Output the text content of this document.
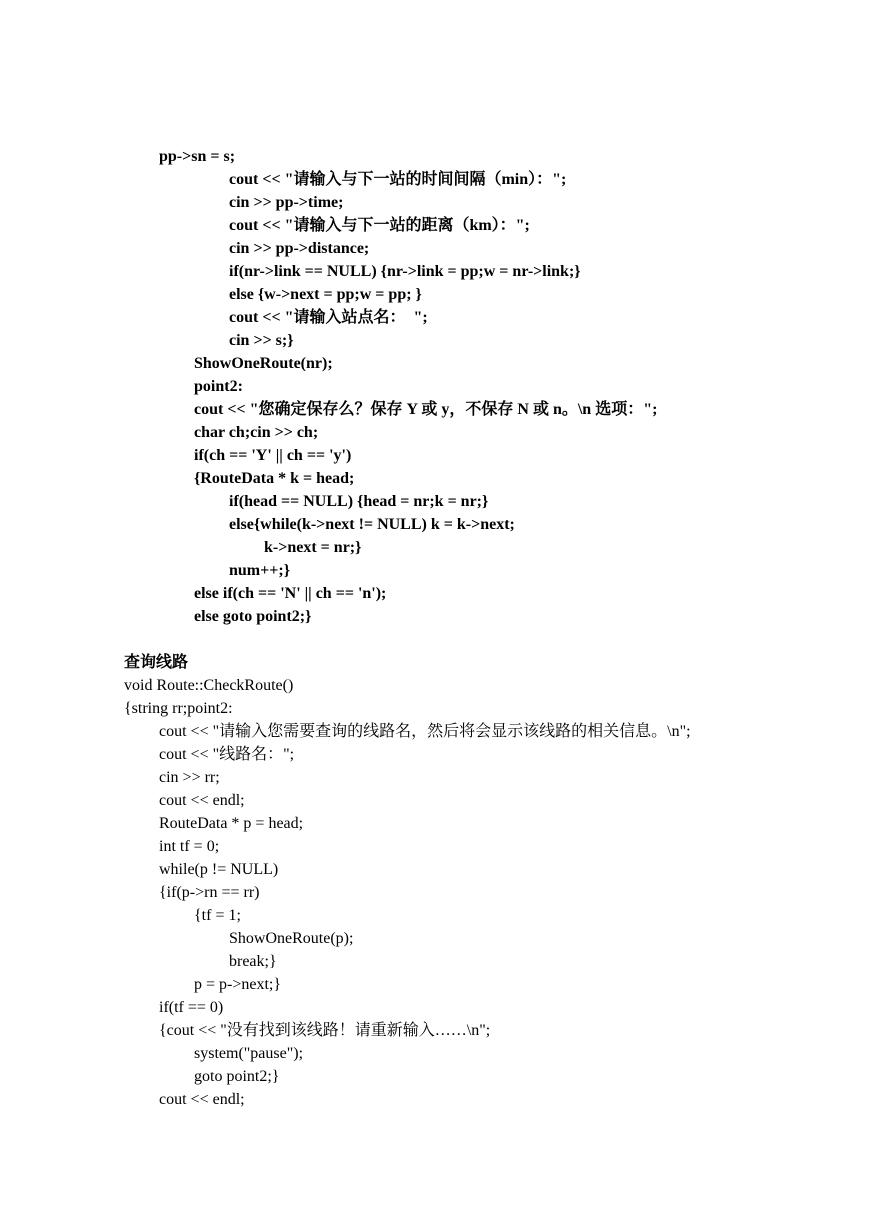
pp->sn = s;
cout << "请输入与下一站的时间间隔（min）：";
cin >> pp->time;
cout << "请输入与下一站的距离（km）：";
cin >> pp->distance;
if(nr->link == NULL) {nr->link = pp;w = nr->link;}
else {w->next = pp;w = pp; }
cout << "请输入站点名：  ";
cin >> s;}
ShowOneRoute(nr);
point2:
cout << "您确定保存么？保存 Y 或 y，不保存 N 或 n。\n 选项：";
char ch;cin >> ch;
if(ch == 'Y' || ch == 'y')
{RouteData * k = head;
if(head == NULL) {head = nr;k = nr;}
else{while(k->next != NULL) k = k->next;
k->next = nr;}
num++;}
else if(ch == 'N' || ch == 'n');
else goto point2;}
查询线路
void Route::CheckRoute()
{string rr;point2:
cout << "请输入您需要查询的线路名，然后将会显示该线路的相关信息。\n";
cout << "线路名：";
cin >> rr;
cout << endl;
RouteData * p = head;
int tf = 0;
while(p != NULL)
{if(p->rn == rr)
{tf = 1;
ShowOneRoute(p);
break;}
p = p->next;}
if(tf == 0)
{cout << "没有找到该线路！请重新输入……\n";
system("pause");
goto point2;}
cout << endl;
